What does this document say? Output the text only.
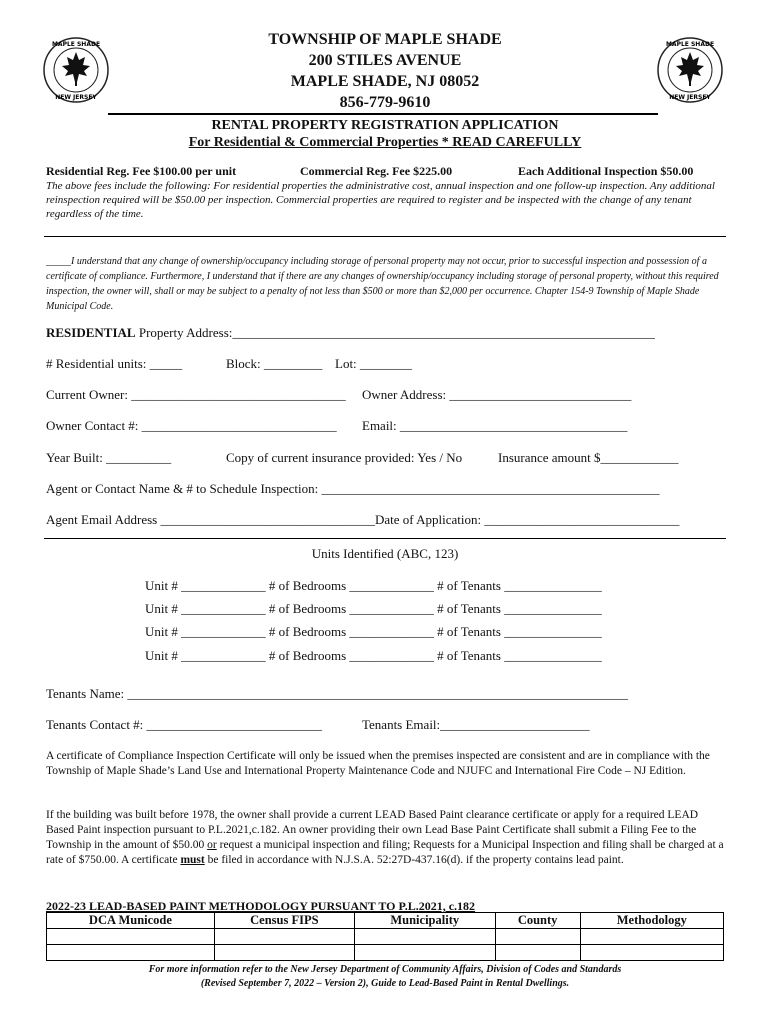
MAPLE SHADE
NEW JERSEY
MAPLE SHADE
NEW JERSEY
TOWNSHIP OF MAPLE SHADE
200 STILES AVENUE
MAPLE SHADE, NJ 08052
856-779-9610
RENTAL PROPERTY REGISTRATION APPLICATION
For Residential & Commercial Properties * READ CAREFULLY
Residential Reg. Fee $100.00 per unit	Commercial Reg. Fee $225.00	Each Additional Inspection $50.00
The above fees include the following: For residential properties the administrative cost, annual inspection and one follow-up inspection. Any additional reinspection required will be $50.00 per inspection. Commercial properties are required to register and be inspected with the change of any tenant regardless of the time.
_____I understand that any change of ownership/occupancy including storage of personal property may not occur, prior to successful inspection and possession of a certificate of compliance. Furthermore, I understand that if there are any changes of ownership/occupancy including storage of personal property, without this required inspection, the owner will, shall or may be subject to a penalty of not less than $500 or more than $2,000 per occurrence. Chapter 154-9 Township of Maple Shade Municipal Code.
RESIDENTIAL Property Address:_________________________________________________________________
# Residential units: _____	Block: _________ Lot: ________
Current Owner: _________________________________ Owner Address: ____________________________
Owner Contact #: ______________________________ Email: ___________________________________
Year Built: __________	Copy of current insurance provided: Yes / No	Insurance amount $____________
Agent or Contact Name & # to Schedule Inspection: ____________________________________________________
Agent Email Address _________________________________Date of Application: ______________________________
Units Identified (ABC, 123)
Unit # _____________ # of Bedrooms _____________ # of Tenants _______________
Unit # _____________ # of Bedrooms _____________ # of Tenants _______________
Unit # _____________ # of Bedrooms _____________ # of Tenants _______________
Unit # _____________ # of Bedrooms _____________ # of Tenants _______________
Tenants Name: _____________________________________________________________________________
Tenants Contact #: ___________________________	Tenants Email:_______________________
A certificate of Compliance Inspection Certificate will only be issued when the premises inspected are consistent and are in compliance with the Township of Maple Shade’s Land Use and International Property Maintenance Code and NJUFC and International Fire Code – NJ Edition.
If the building was built before 1978, the owner shall provide a current LEAD Based Paint clearance certificate or apply for a required LEAD Based Paint inspection pursuant to P.L.2021,c.182. An owner providing their own Lead Base Paint Certificate shall submit a Filing Fee to the Township in the amount of $50.00 or request a municipal inspection and filing; Requests for a Municipal Inspection and filing shall be charged at a rate of $750.00. A certificate must be filed in accordance with N.J.S.A. 52:27D-437.16(d). if the property contains lead paint.
2022-23 LEAD-BASED PAINT METHODOLOGY PURSUANT TO P.L.2021, c.182
DCA Municode	Census FIPS	Municipality	County	Methodology

For more information refer to the New Jersey Department of Community Affairs, Division of Codes and Standards
(Revised September 7, 2022 – Version 2), Guide to Lead-Based Paint in Rental Dwellings.
